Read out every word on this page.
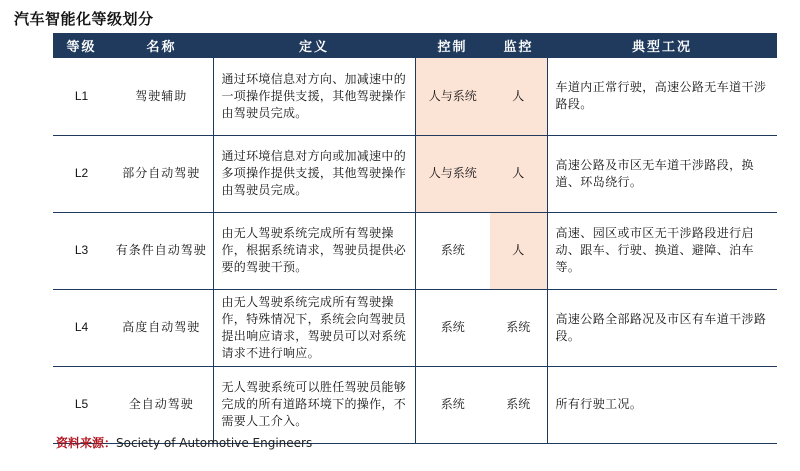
汽车智能化等级划分
等级	名称	定义	控制	监控	典型工况
L1	驾驶辅助	通过环境信息对方向、加减速中的一项操作提供支援，其他驾驶操作由驾驶员完成。	人与系统	人	车道内正常行驶，高速公路无车道干涉路段。
L2	部分自动驾驶	通过环境信息对方向或加减速中的多项操作提供支援，其他驾驶操作由驾驶员完成。	人与系统	人	高速公路及市区无车道干涉路段，换道、环岛绕行。
L3	有条件自动驾驶	由无人驾驶系统完成所有驾驶操作，根据系统请求，驾驶员提供必要的驾驶干预。	系统	人	高速、园区或市区无干涉路段进行启动、跟车、行驶、换道、避障、泊车等。
L4	高度自动驾驶	由无人驾驶系统完成所有驾驶操作，特殊情况下，系统会向驾驶员提出响应请求，驾驶员可以对系统请求不进行响应。	系统	系统	高速公路全部路况及市区有车道干涉路段。
L5	全自动驾驶	无人驾驶系统可以胜任驾驶员能够完成的所有道路环境下的操作，不需要人工介入。	系统	系统	所有行驶工况。
资料来源：Society of Automotive Engineers
